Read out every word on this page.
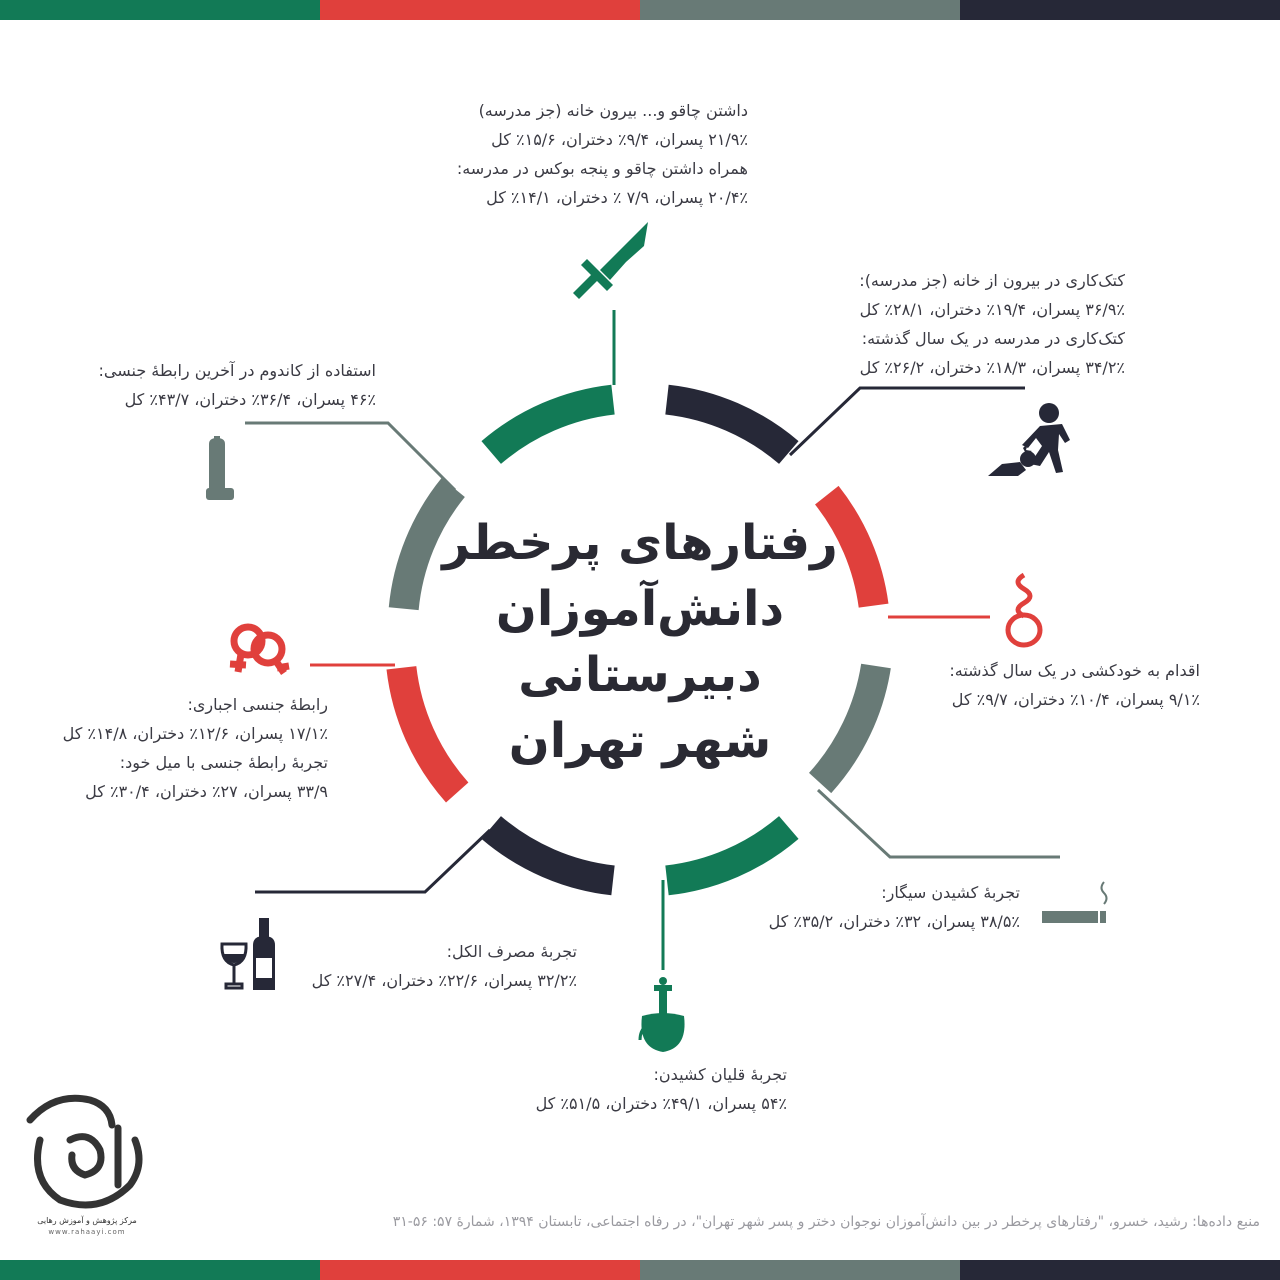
رفتارهای پرخطر
دانش‌آموزان
دبیرستانی
شهر تهران
داشتن چاقو و... بیرون خانه (جز مدرسه)
۲۱/۹٪ پسران، ۹/۴٪ دختران، ۱۵/۶٪ کل
همراه داشتن چاقو و پنجه بوکس در مدرسه:
۲۰/۴٪ پسران، ۷/۹ ٪ دختران، ۱۴/۱٪ کل
کتک‌کاری در بیرون از خانه (جز مدرسه):
۳۶/۹٪ پسران، ۱۹/۴٪ دختران، ۲۸/۱٪ کل
کتک‌کاری در مدرسه در یک سال گذشته:
۳۴/۲٪ پسران، ۱۸/۳٪ دختران، ۲۶/۲٪ کل
اقدام به خودکشی در یک سال گذشته:
۹/۱٪ پسران، ۱۰/۴٪ دختران، ۹/۷٪ کل
تجربهٔ کشیدن سیگار:
۳۸/۵٪ پسران، ۳۲٪ دختران، ۳۵/۲٪ کل
تجربهٔ قلیان کشیدن:
۵۴٪ پسران، ۴۹/۱٪ دختران، ۵۱/۵٪ کل
تجربهٔ مصرف الکل:
۳۲/۲٪ پسران، ۲۲/۶٪ دختران، ۲۷/۴٪ کل
رابطهٔ جنسی اجباری:
۱۷/۱٪ پسران، ۱۲/۶٪ دختران، ۱۴/۸٪ کل
تجربهٔ رابطهٔ جنسی با میل خود:
۳۳/۹ پسران، ۲۷٪ دختران، ۳۰/۴٪ کل
استفاده از کاندوم در آخرین رابطهٔ جنسی:
۴۶٪ پسران، ۳۶/۴٪ دختران، ۴۳/۷٪ کل
مرکز پژوهش و آموزش رهایی
www.rahaayi.com
منبع داده‌ها: رشید، خسرو، "رفتارهای پرخطر در بین دانش‌آموزان نوجوان دختر و پسر شهر تهران"، در رفاه اجتماعی، تابستان ۱۳۹۴، شمارهٔ ۵۷: ۵۶-۳۱
